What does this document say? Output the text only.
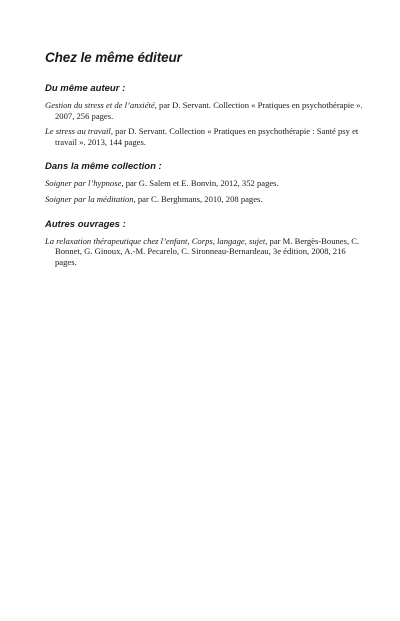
Chez le même éditeur
Du même auteur :

Gestion du stress et de l’anxiété, par D. Servant. Collection « Pratiques en psychothérapie ». 2007, 256 pages.

Le stress au travail, par D. Servant. Collection « Pratiques en psychothérapie : Santé psy et travail ». 2013, 144 pages.

Dans la même collection :

Soigner par l’hypnose, par G. Salem et E. Bonvin, 2012, 352 pages.

Soigner par la méditation, par C. Berghmans, 2010, 208 pages.

Autres ouvrages :

La relaxation thérapeutique chez l’enfant, Corps, langage, sujet, par M. Bergès-Bounes, C. Bonnet, G. Ginoux, A.-M. Pecarelo, C. Sironneau-Bernardeau, 3e édition, 2008, 216 pages.
